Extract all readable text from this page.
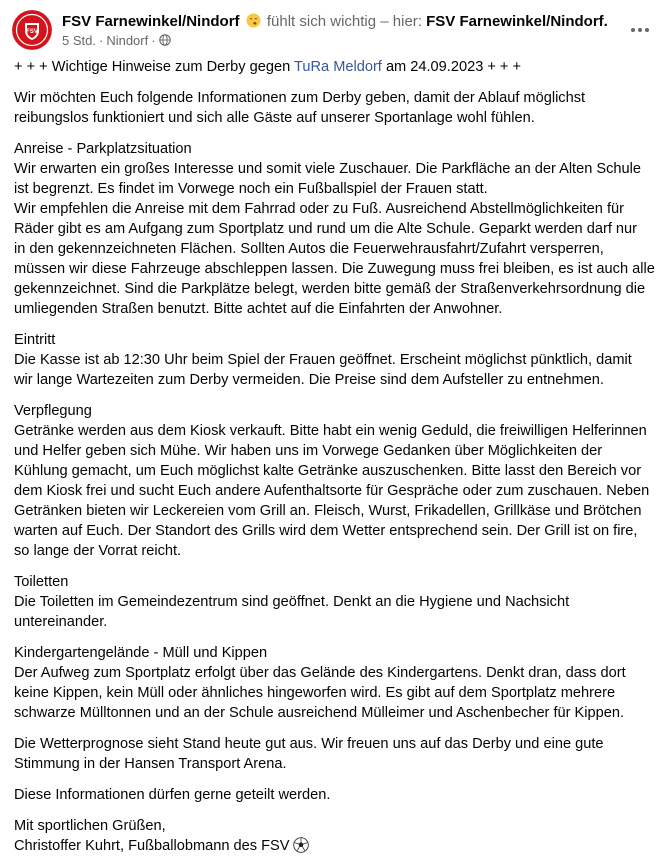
FSV
FSV Farnewinkel/Nindorf fühlt sich wichtig – hier: FSV Farnewinkel/Nindorf.
5 Std. · Nindorf ·

+ + + Wichtige Hinweise zum Derby gegen TuRa Meldorf am 24.09.2023 + + +

Wir möchten Euch folgende Informationen zum Derby geben, damit der Ablauf möglichst
reibungslos funktioniert und sich alle Gäste auf unserer Sportanlage wohl fühlen.

Anreise - Parkplatzsituation
Wir erwarten ein großes Interesse und somit viele Zuschauer. Die Parkfläche an der Alten Schule
ist begrenzt. Es findet im Vorwege noch ein Fußballspiel der Frauen statt.
Wir empfehlen die Anreise mit dem Fahrrad oder zu Fuß. Ausreichend Abstellmöglichkeiten für
Räder gibt es am Aufgang zum Sportplatz und rund um die Alte Schule. Geparkt werden darf nur
in den gekennzeichneten Flächen. Sollten Autos die Feuerwehrausfahrt/Zufahrt versperren,
müssen wir diese Fahrzeuge abschleppen lassen. Die Zuwegung muss frei bleiben, es ist auch alle
gekennzeichnet. Sind die Parkplätze belegt, werden bitte gemäß der Straßenverkehrsordnung die
umliegenden Straßen benutzt. Bitte achtet auf die Einfahrten der Anwohner.

Eintritt
Die Kasse ist ab 12:30 Uhr beim Spiel der Frauen geöffnet. Erscheint möglichst pünktlich, damit
wir lange Wartezeiten zum Derby vermeiden. Die Preise sind dem Aufsteller zu entnehmen.

Verpflegung
Getränke werden aus dem Kiosk verkauft. Bitte habt ein wenig Geduld, die freiwilligen Helferinnen
und Helfer geben sich Mühe. Wir haben uns im Vorwege Gedanken über Möglichkeiten der
Kühlung gemacht, um Euch möglichst kalte Getränke auszuschenken. Bitte lasst den Bereich vor
dem Kiosk frei und sucht Euch andere Aufenthaltsorte für Gespräche oder zum zuschauen. Neben
Getränken bieten wir Leckereien vom Grill an. Fleisch, Wurst, Frikadellen, Grillkäse und Brötchen
warten auf Euch. Der Standort des Grills wird dem Wetter entsprechend sein. Der Grill ist on fire,
so lange der Vorrat reicht.

Toiletten
Die Toiletten im Gemeindezentrum sind geöffnet. Denkt an die Hygiene und Nachsicht
untereinander.

Kindergartengelände - Müll und Kippen
Der Aufweg zum Sportplatz erfolgt über das Gelände des Kindergartens. Denkt dran, dass dort
keine Kippen, kein Müll oder ähnliches hingeworfen wird. Es gibt auf dem Sportplatz mehrere
schwarze Mülltonnen und an der Schule ausreichend Mülleimer und Aschenbecher für Kippen.

Die Wetterprognose sieht Stand heute gut aus. Wir freuen uns auf das Derby und eine gute
Stimmung in der Hansen Transport Arena.

Diese Informationen dürfen gerne geteilt werden.

Mit sportlichen Grüßen,
Christoffer Kuhrt, Fußballobmann des FSV
